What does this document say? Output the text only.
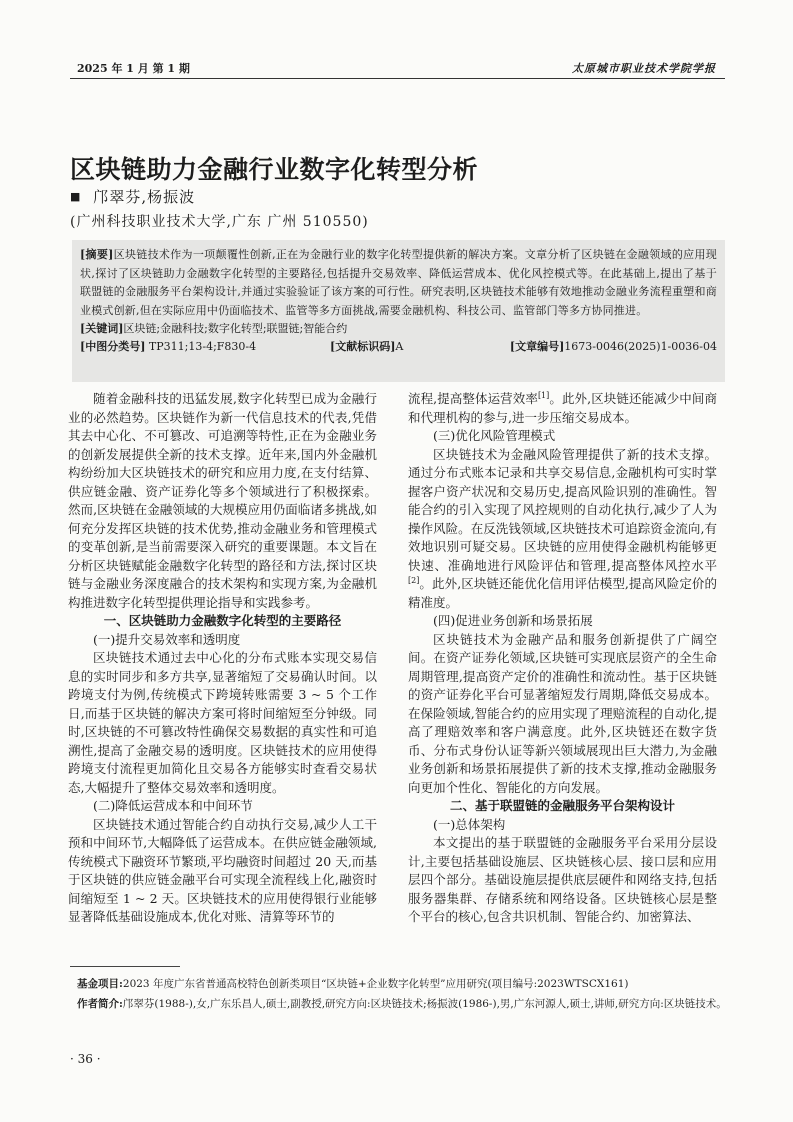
2025 年 1 月 第 1 期	太原城市职业技术学院学报
区块链助力金融行业数字化转型分析
■ 邝翠芬,杨振波
(广州科技职业技术大学,广东 广州 510550)
[摘要]区块链技术作为一项颠覆性创新,正在为金融行业的数字化转型提供新的解决方案。文章分析了区块链在金融领域的应用现状,探讨了区块链助力金融数字化转型的主要路径,包括提升交易效率、降低运营成本、优化风控模式等。在此基础上,提出了基于联盟链的金融服务平台架构设计,并通过实验验证了该方案的可行性。研究表明,区块链技术能够有效地推动金融业务流程重塑和商业模式创新,但在实际应用中仍面临技术、监管等多方面挑战,需要金融机构、科技公司、监管部门等多方协同推进。
[关键词]区块链;金融科技;数字化转型;联盟链;智能合约
[中图分类号] TP311;13-4;F830-4	[文献标识码]A	[文章编号]1673-0046(2025)1-0036-04

随着金融科技的迅猛发展,数字化转型已成为金融行业的必然趋势。区块链作为新一代信息技术的代表,凭借其去中心化、不可篡改、可追溯等特性,正在为金融业务的创新发展提供全新的技术支撑。近年来,国内外金融机构纷纷加大区块链技术的研究和应用力度,在支付结算、供应链金融、资产证券化等多个领域进行了积极探索。然而,区块链在金融领域的大规模应用仍面临诸多挑战,如何充分发挥区块链的技术优势,推动金融业务和管理模式的变革创新,是当前需要深入研究的重要课题。本文旨在分析区块链赋能金融数字化转型的路径和方法,探讨区块链与金融业务深度融合的技术架构和实现方案,为金融机构推进数字化转型提供理论指导和实践参考。

一、区块链助力金融数字化转型的主要路径
(一)提升交易效率和透明度

区块链技术通过去中心化的分布式账本实现交易信息的实时同步和多方共享,显著缩短了交易确认时间。以跨境支付为例,传统模式下跨境转账需要 3 ~ 5 个工作日,而基于区块链的解决方案可将时间缩短至分钟级。同时,区块链的不可篡改特性确保交易数据的真实性和可追溯性,提高了金融交易的透明度。区块链技术的应用使得跨境支付流程更加简化且交易各方能够实时查看交易状态,大幅提升了整体交易效率和透明度。

(二)降低运营成本和中间环节

区块链技术通过智能合约自动执行交易,减少人工干预和中间环节,大幅降低了运营成本。在供应链金融领域,传统模式下融资环节繁琐,平均融资时间超过 20 天,而基于区块链的供应链金融平台可实现全流程线上化,融资时间缩短至 1 ~ 2 天。区块链技术的应用使得银行业能够显著降低基础设施成本,优化对账、清算等环节的

流程,提高整体运营效率[1]。此外,区块链还能减少中间商和代理机构的参与,进一步压缩交易成本。

(三)优化风险管理模式

区块链技术为金融风险管理提供了新的技术支撑。通过分布式账本记录和共享交易信息,金融机构可实时掌握客户资产状况和交易历史,提高风险识别的准确性。智能合约的引入实现了风控规则的自动化执行,减少了人为操作风险。在反洗钱领域,区块链技术可追踪资金流向,有效地识别可疑交易。区块链的应用使得金融机构能够更快速、准确地进行风险评估和管理,提高整体风控水平[2]。此外,区块链还能优化信用评估模型,提高风险定价的精准度。

(四)促进业务创新和场景拓展

区块链技术为金融产品和服务创新提供了广阔空间。在资产证券化领域,区块链可实现底层资产的全生命周期管理,提高资产定价的准确性和流动性。基于区块链的资产证券化平台可显著缩短发行周期,降低交易成本。在保险领域,智能合约的应用实现了理赔流程的自动化,提高了理赔效率和客户满意度。此外,区块链还在数字货币、分布式身份认证等新兴领域展现出巨大潜力,为金融业务创新和场景拓展提供了新的技术支撑,推动金融服务向更加个性化、智能化的方向发展。

二、基于联盟链的金融服务平台架构设计
(一)总体架构

本文提出的基于联盟链的金融服务平台采用分层设计,主要包括基础设施层、区块链核心层、接口层和应用层四个部分。基础设施层提供底层硬件和网络支持,包括服务器集群、存储系统和网络设备。区块链核心层是整个平台的核心,包含共识机制、智能合约、加密算法、

基金项目:2023 年度广东省普通高校特色创新类项目“区块链+企业数字化转型”应用研究(项目编号:2023WTSCX161)
作者简介:邝翠芬(1988-),女,广东乐昌人,硕士,副教授,研究方向:区块链技术;杨振波(1986-),男,广东河源人,硕士,讲师,研究方向:区块链技术。
· 36 ·
